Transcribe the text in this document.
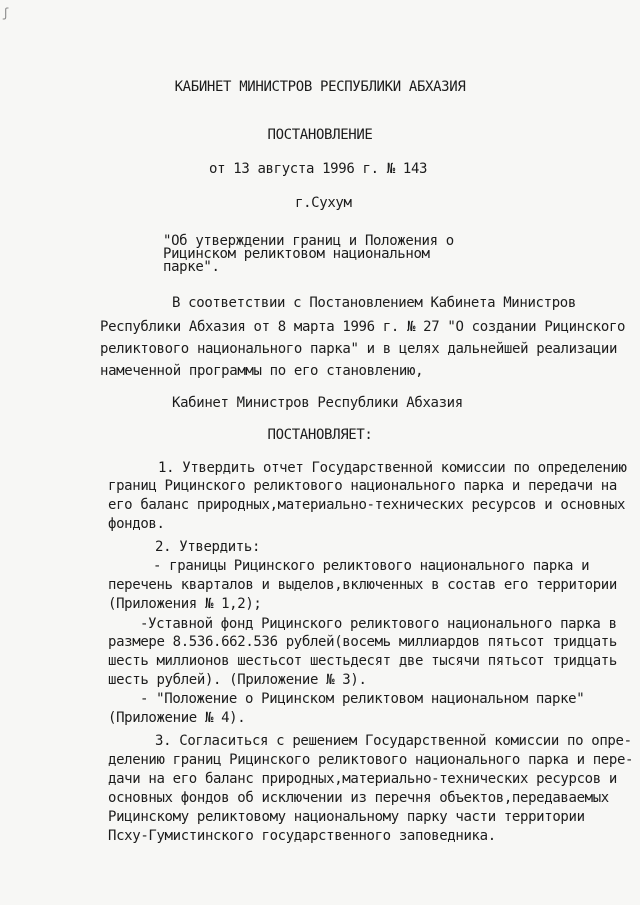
ʃ

КАБИНЕТ МИНИСТРОВ РЕСПУБЛИКИ АБХАЗИЯ

ПОСТАНОВЛЕНИЕ

от 13 августа 1996 г. № 143

г.Сухум

"Об утверждении границ и Положения о

Рицинском реликтовом национальном

парке".

В соответствии с Постановлением Кабинета Министров

Республики Абхазия от 8 марта 1996 г. № 27 "О создании Рицинского

реликтового национального парка" и в целях дальнейшей реализации

намеченной программы по его становлению,

Кабинет Министров Республики Абхазия

ПОСТАНОВЛЯЕТ:

1. Утвердить отчет Государственной комиссии по определению

границ Рицинского реликтового национального парка и передачи на

его баланс природных,материально-технических ресурсов и основных

фондов.

2. Утвердить:

- границы Рицинского реликтового национального парка и

перечень кварталов и выделов,включенных в состав его территории

(Приложения № 1,2);

-Уставной фонд Рицинского реликтового национального парка в

размере 8.536.662.536 рублей(восемь миллиардов пятьсот тридцать

шесть миллионов шестьсот шестьдесят две тысячи пятьсот тридцать

шесть рублей). (Приложение № 3).

- "Положение о Рицинском реликтовом национальном парке"

(Приложение № 4).

3. Согласиться с решением Государственной комиссии по опре-

делению границ Рицинского реликтового национального парка и пере-

дачи на его баланс природных,материально-технических ресурсов и

основных фондов об исключении из перечня объектов,передаваемых

Рицинскому реликтовому национальному парку части территории

Псху-Гумистинского государственного заповедника.
